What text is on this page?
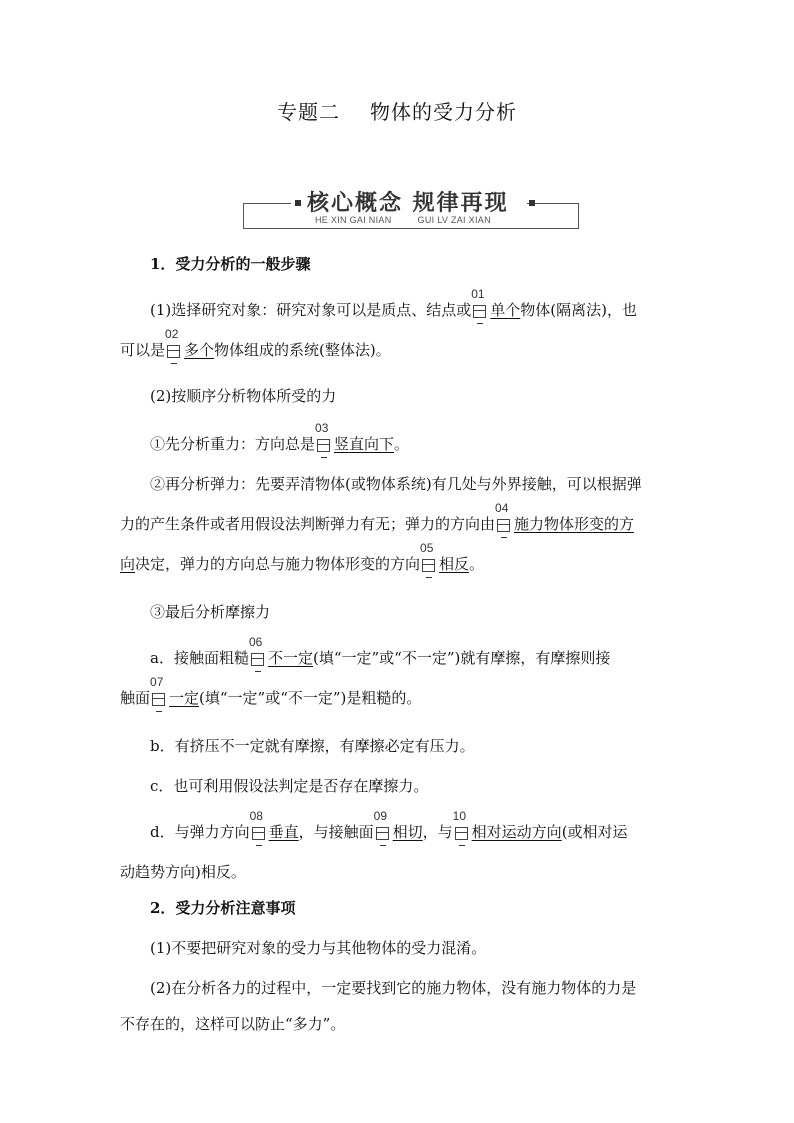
专题二 物体的受力分析
核心概念 规律再现
HE XIN GAI NIAN	GUI LV ZAI XIAN
1．受力分析的一般步骤
(1)选择研究对象：研究对象可以是质点、结点或
01
单个物体(隔离法)，也
可以是
02
多个物体组成的系统(整体法)。
(2)按顺序分析物体所受的力
①先分析重力：方向总是
03
竖直向下。
②再分析弹力：先要弄清物体(或物体系统)有几处与外界接触，可以根据弹
力的产生条件或者用假设法判断弹力有无；弹力的方向由
04
施力物体形变的方
向决定，弹力的方向总与施力物体形变的方向
05
相反。
③最后分析摩擦力
a．接触面粗糙
06
不一定(填“一定”或“不一定”)就有摩擦，有摩擦则接
触面
07
一定(填“一定”或“不一定”)是粗糙的。
b．有挤压不一定就有摩擦，有摩擦必定有压力。
c．也可利用假设法判定是否存在摩擦力。
d．与弹力方向
08
垂直，与接触面
09
相切，与
10
相对运动方向(或相对运
动趋势方向)相反。
2．受力分析注意事项
(1)不要把研究对象的受力与其他物体的受力混淆。
(2)在分析各力的过程中，一定要找到它的施力物体，没有施力物体的力是
不存在的，这样可以防止“多力”。
